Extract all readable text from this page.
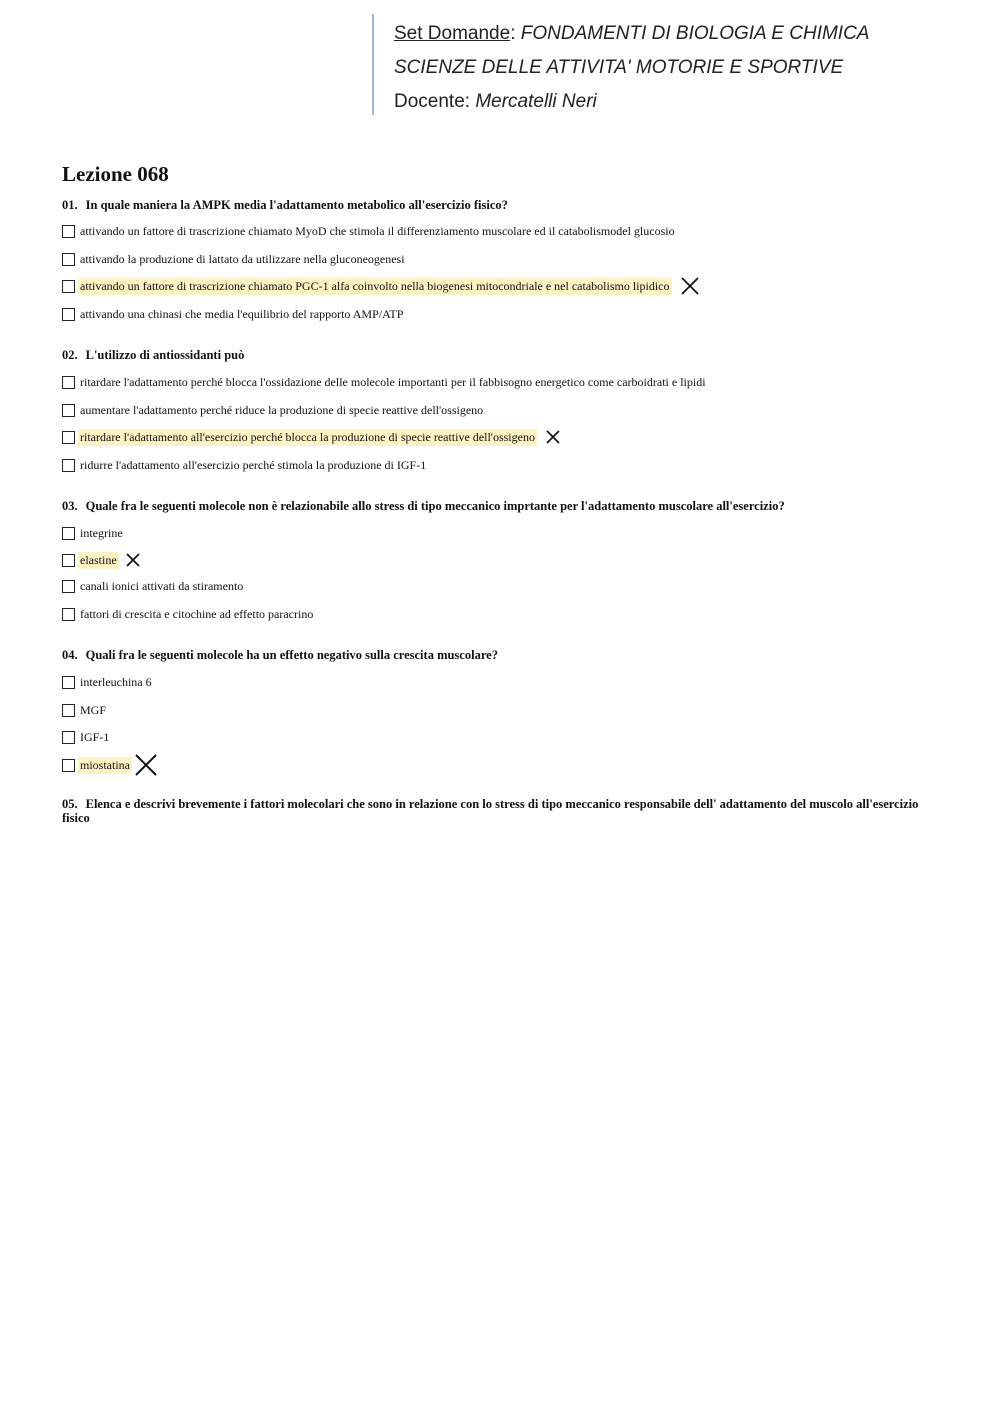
Set Domande: FONDAMENTI DI BIOLOGIA E CHIMICA
SCIENZE DELLE ATTIVITA' MOTORIE E SPORTIVE
Docente: Mercatelli Neri
Lezione 068
01. In quale maniera la AMPK media l'adattamento metabolico all'esercizio fisico?
attivando un fattore di trascrizione chiamato MyoD che stimola il differenziamento muscolare ed il catabolismodel glucosio
attivando la produzione di lattato da utilizzare nella gluconeogenesi
attivando un fattore di trascrizione chiamato PGC-1 alfa coinvolto nella biogenesi mitocondriale e nel catabolismo lipidico
attivando una chinasi che media l'equilibrio del rapporto AMP/ATP
02. L'utilizzo di antiossidanti può
ritardare l'adattamento perché blocca l'ossidazione delle molecole importanti per il fabbisogno energetico come carboidrati e lipidi
aumentare l'adattamento perché riduce la produzione di specie reattive dell'ossigeno
ritardare l'adattamento all'esercizio perché blocca la produzione di specie reattive dell'ossigeno
ridurre l'adattamento all'esercizio perché stimola la produzione di IGF-1
03. Quale fra le seguenti molecole non è relazionabile allo stress di tipo meccanico imprtante per l'adattamento muscolare all'esercizio?
integrine
elastine
canali ionici attivati da stiramento
fattori di crescita e citochine ad effetto paracrino
04. Quali fra le seguenti molecole ha un effetto negativo sulla crescita muscolare?
interleuchina 6
MGF
IGF-1
miostatina
05. Elenca e descrivi brevemente i fattori molecolari che sono in relazione con lo stress di tipo meccanico responsabile dell' adattamento del muscolo all'esercizio fisico
